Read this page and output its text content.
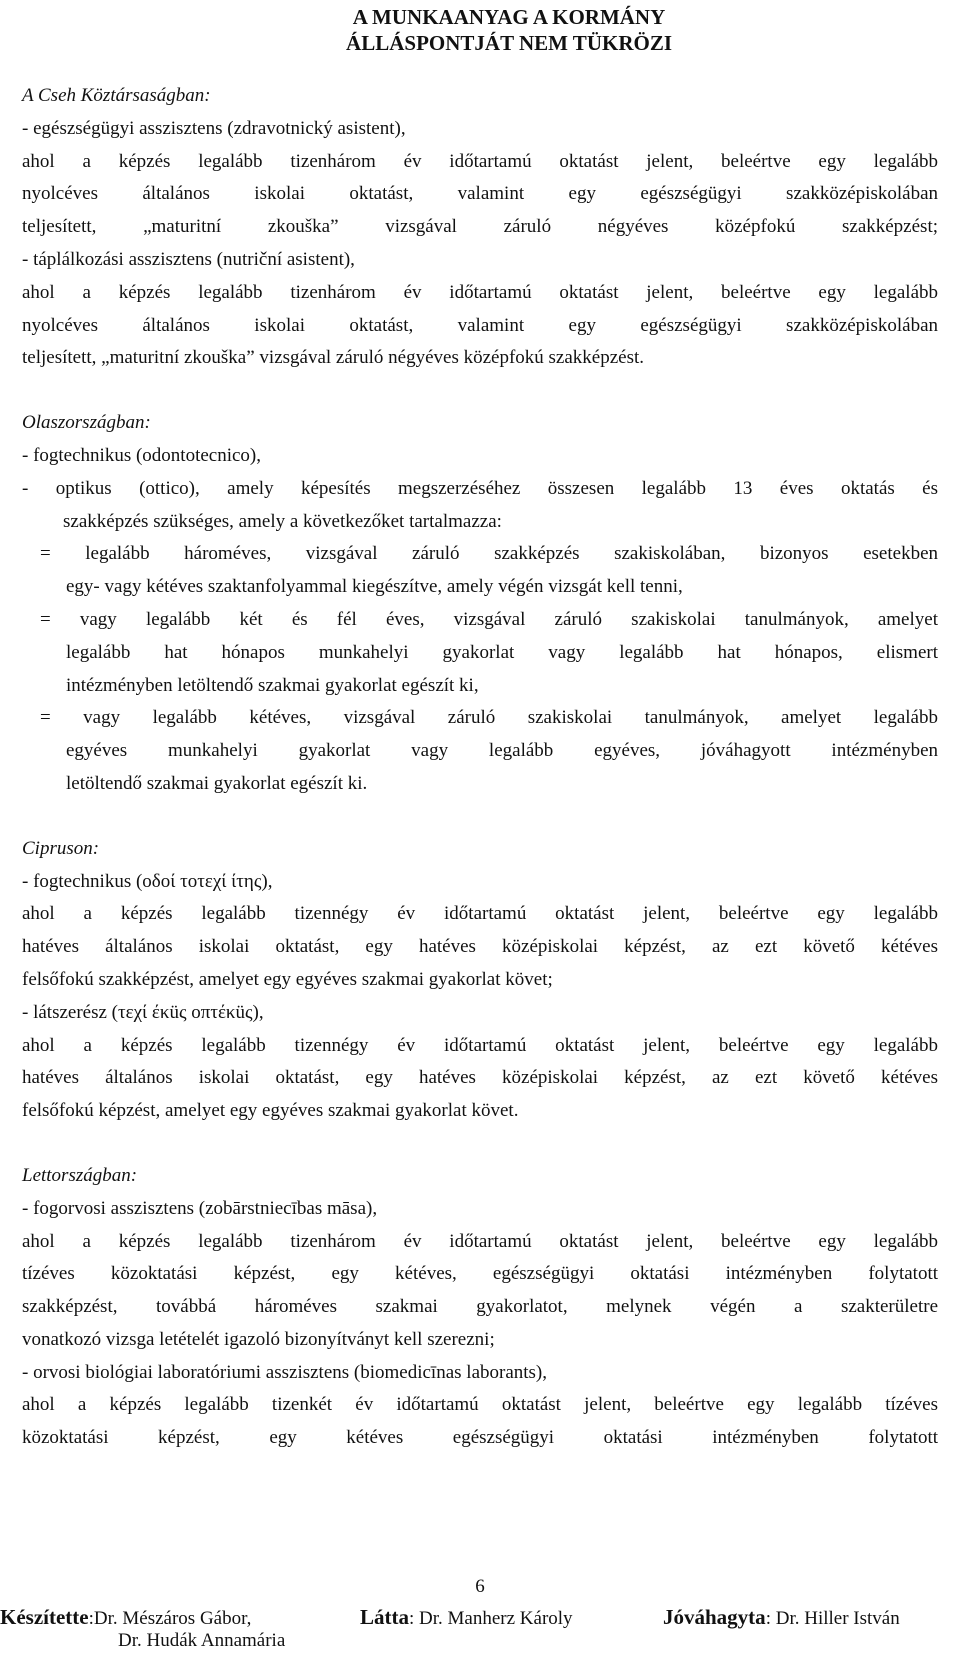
A MUNKAANYAG A KORMÁNY
ÁLLÁSPONTJÁT NEM TÜKRÖZI
A Cseh Köztársaságban:
- egészségügyi asszisztens (zdravotnický asistent),
ahol a képzés legalább tizenhárom év időtartamú oktatást jelent, beleértve egy legalább
nyolcéves általános iskolai oktatást, valamint egy egészségügyi szakközépiskolában
teljesített, „maturitní zkouška” vizsgával záruló négyéves középfokú szakképzést;
- táplálkozási asszisztens (nutriční asistent),
ahol a képzés legalább tizenhárom év időtartamú oktatást jelent, beleértve egy legalább
nyolcéves általános iskolai oktatást, valamint egy egészségügyi szakközépiskolában
teljesített, „maturitní zkouška” vizsgával záruló négyéves középfokú szakképzést.
Olaszországban:
- fogtechnikus (odontotecnico),
- optikus (ottico), amely képesítés megszerzéséhez összesen legalább 13 éves oktatás és
szakképzés szükséges, amely a következőket tartalmazza:
= legalább hároméves, vizsgával záruló szakképzés szakiskolában, bizonyos esetekben
egy- vagy kétéves szaktanfolyammal kiegészítve, amely végén vizsgát kell tenni,
= vagy legalább két és fél éves, vizsgával záruló szakiskolai tanulmányok, amelyet
legalább hat hónapos munkahelyi gyakorlat vagy legalább hat hónapos, elismert
intézményben letöltendő szakmai gyakorlat egészít ki,
= vagy legalább kétéves, vizsgával záruló szakiskolai tanulmányok, amelyet legalább
egyéves munkahelyi gyakorlat vagy legalább egyéves, jóváhagyott intézményben
letöltendő szakmai gyakorlat egészít ki.
Cipruson:
- fogtechnikus (οδοί τοτεχί ίτης),
ahol a képzés legalább tizennégy év időtartamú oktatást jelent, beleértve egy legalább
hatéves általános iskolai oktatást, egy hatéves középiskolai képzést, az ezt követő kétéves
felsőfokú szakképzést, amelyet egy egyéves szakmai gyakorlat követ;
- látszerész (τεχί έκüς οπτέκüς),
ahol a képzés legalább tizennégy év időtartamú oktatást jelent, beleértve egy legalább
hatéves általános iskolai oktatást, egy hatéves középiskolai képzést, az ezt követő kétéves
felsőfokú képzést, amelyet egy egyéves szakmai gyakorlat követ.
Lettországban:
- fogorvosi asszisztens (zobārstniecības māsa),
ahol a képzés legalább tizenhárom év időtartamú oktatást jelent, beleértve egy legalább
tízéves közoktatási képzést, egy kétéves, egészségügyi oktatási intézményben folytatott
szakképzést, továbbá hároméves szakmai gyakorlatot, melynek végén a szakterületre
vonatkozó vizsga letételét igazoló bizonyítványt kell szerezni;
- orvosi biológiai laboratóriumi asszisztens (biomedicīnas laborants),
ahol a képzés legalább tizenkét év időtartamú oktatást jelent, beleértve egy legalább tízéves
közoktatási képzést, egy kétéves egészségügyi oktatási intézményben folytatott
6
Készítette:Dr. Mészáros Gábor,
Dr. Hudák Annamária
Látta: Dr. Manherz Károly	Jóváhagyta: Dr. Hiller István
